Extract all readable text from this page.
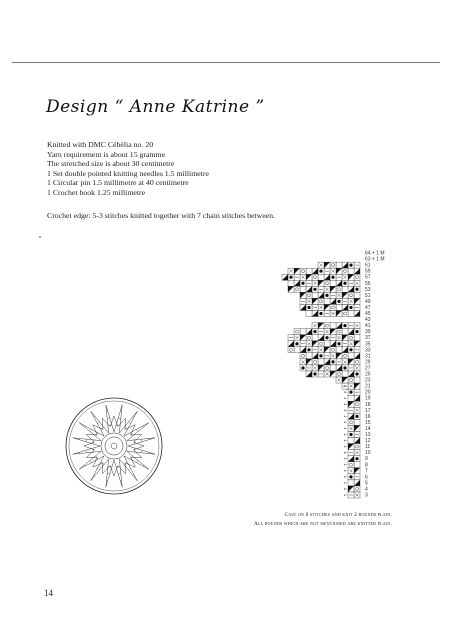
Design “ Anne Katrine ”
Knitted with DMC Cébélia no. 20
Yarn requirement is about 15 gramme
The stretched size is about 30 centimetre
1 Set double pointed knitting needles 1.5 millimetre
1 Circular pin 1.5 millimetre at 40 centimetre
1 Crochet hook 1.25 millimetre
Crochet edge: 5-3 stitches knitted together with 7 chain stitches between.
64 + 1 M
63 + 1 M
61
59
57
55
53
51
49
47
45
43
41
39
37
35
33
31
29
27
25
23
21
20
19
18
17
16
15
14
13
12
11
10
9
8
7
6
5
4
3
Cast on 8 stitches and knit 2 rounds plain.
All rounds which are not mentioned are knitted plain.
14
